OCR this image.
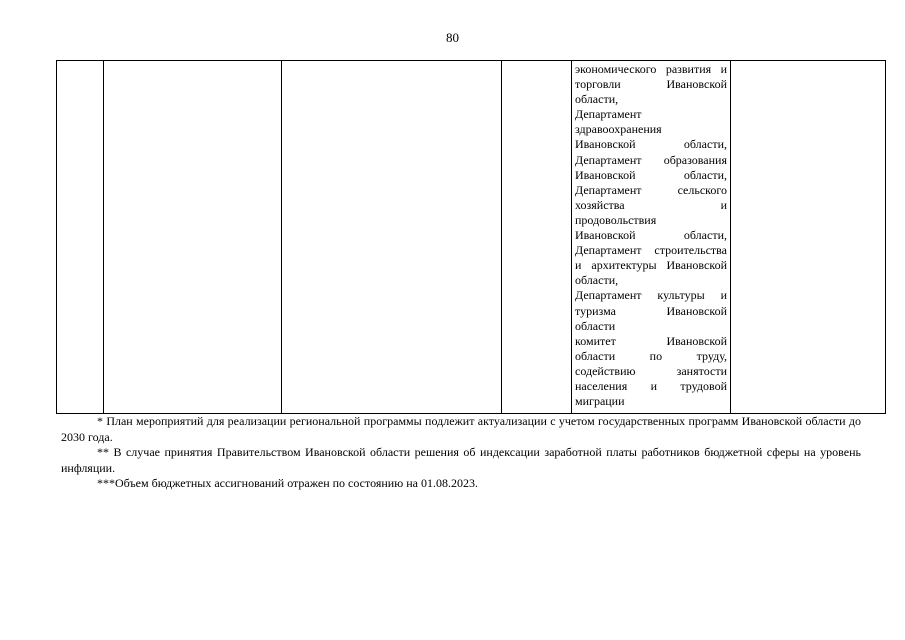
80

экономического развития и
торговли Ивановской
области,
Департамент
здравоохранения
Ивановской области,
Департамент образования
Ивановской области,
Департамент сельского
хозяйства и
продовольствия
Ивановской области,
Департамент строительства
и архитектуры Ивановской
области,
Департамент культуры и
туризма Ивановской
области
комитет Ивановской
области по труду,
содействию занятости
населения и трудовой
миграции

* План мероприятий для реализации региональной программы подлежит актуализации с учетом государственных программ Ивановской области до 2030 года.

** В случае принятия Правительством Ивановской области решения об индексации заработной платы работников бюджетной сферы на уровень инфляции.

***Объем бюджетных ассигнований отражен по состоянию на 01.08.2023.
